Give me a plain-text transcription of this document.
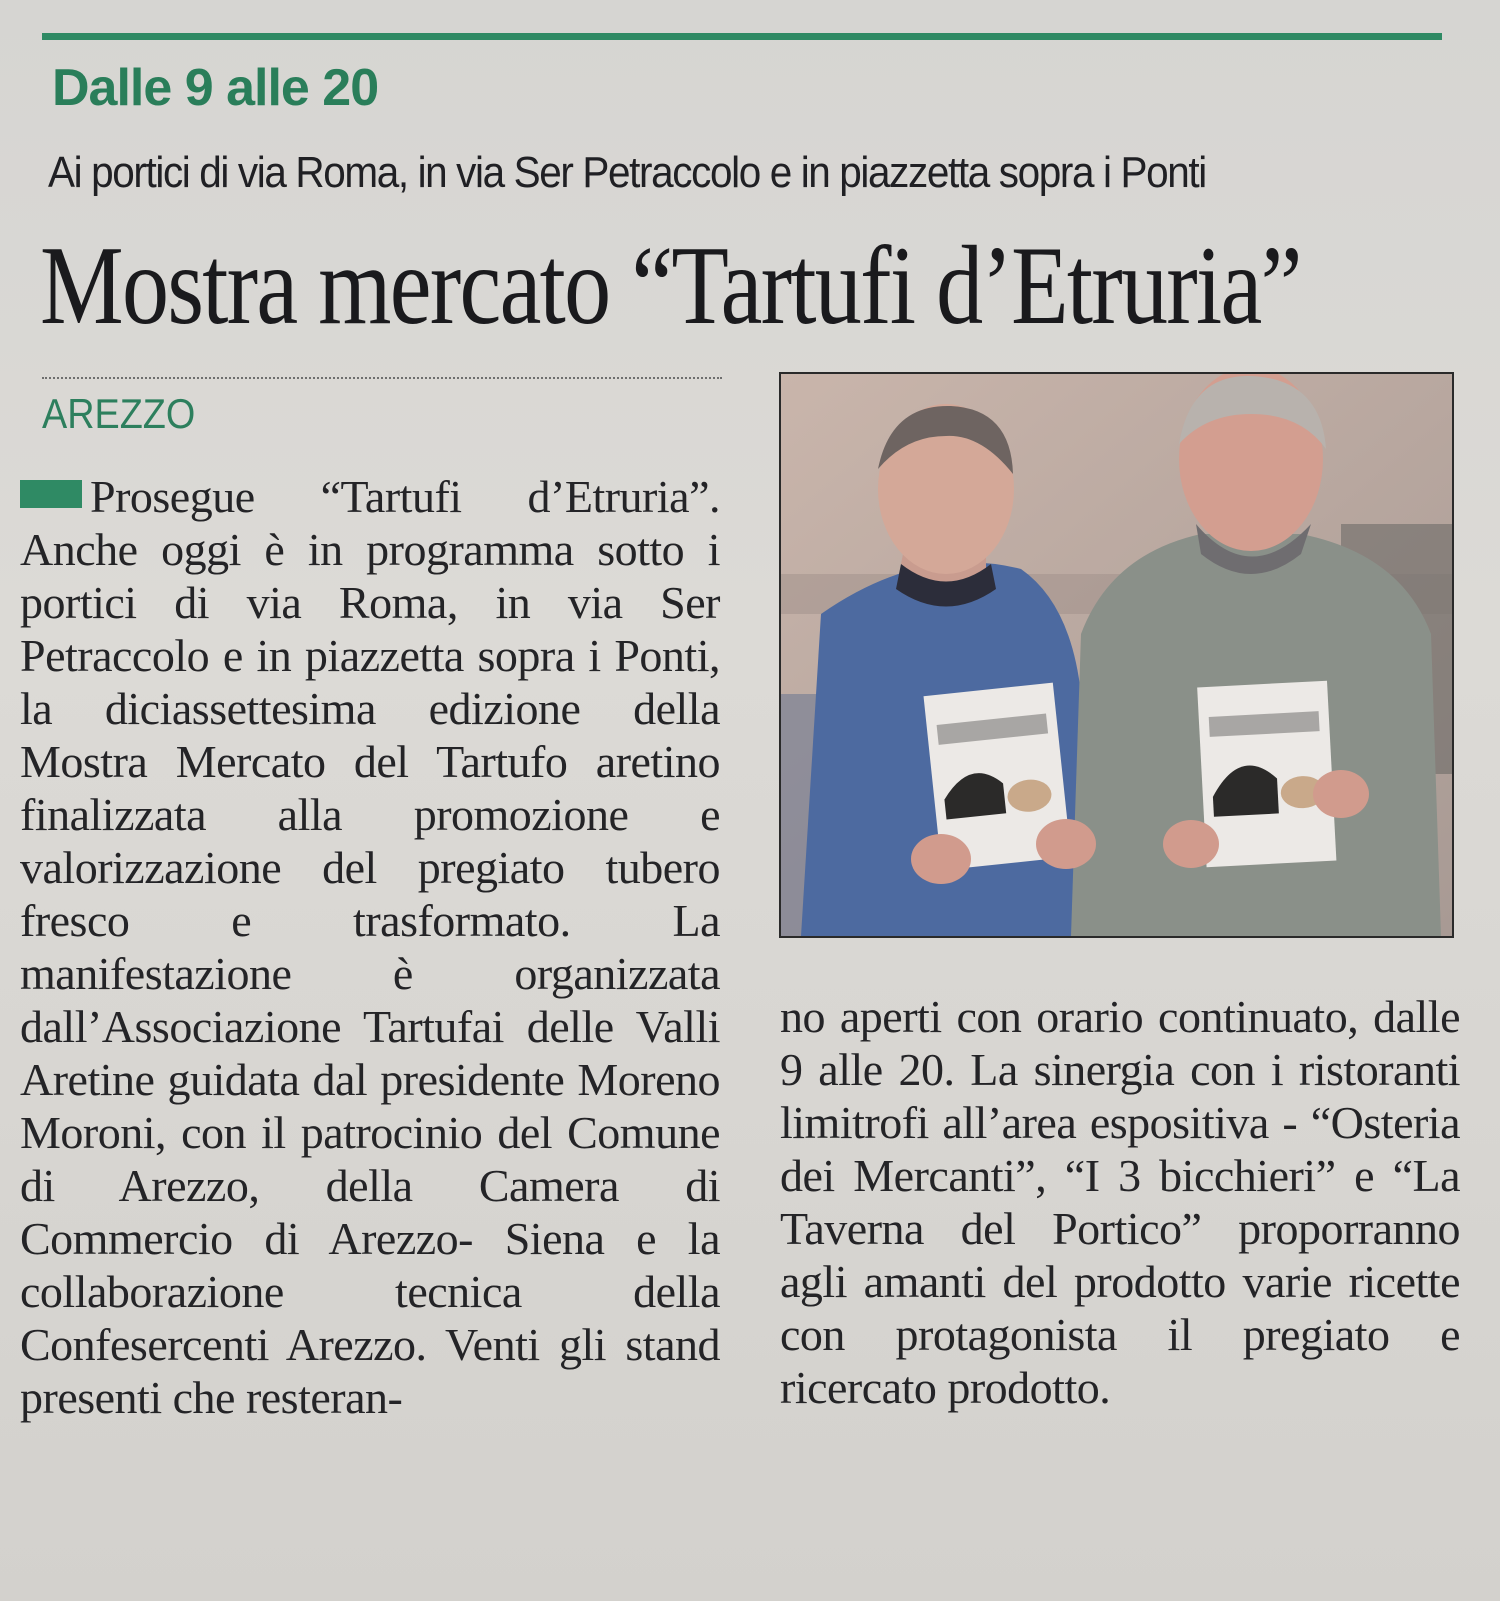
Dalle 9 alle 20
Ai portici di via Roma, in via Ser Petraccolo e in piazzetta sopra i Ponti
Mostra mercato “Tartufi d’Etruria”
AREZZO

Prosegue “Tartufi d’Etruria”. Anche oggi è in programma sotto i portici di via Roma, in via Ser Petraccolo e in piazzetta sopra i Ponti, la diciassettesima edizione della Mostra Mercato del Tartufo aretino finalizzata alla promozione e valorizzazione del pregiato tubero fresco e trasformato. La manifestazione è organizzata dall’Associazione Tartufai delle Valli Aretine guidata dal presidente Moreno Moroni, con il patrocinio del Comune di Arezzo, della Camera di Commercio di Arezzo- Siena e la collaborazione tecnica della Confesercenti Arezzo. Venti gli stand presenti che resteran-

no aperti con orario continuato, dalle 9 alle 20. La sinergia con i ristoranti limitrofi all’area espositiva - “Osteria dei Mercanti”, “I 3 bicchieri” e “La Taverna del Portico” proporranno agli amanti del prodotto varie ricette con protagonista il pregiato e ricercato prodotto.
